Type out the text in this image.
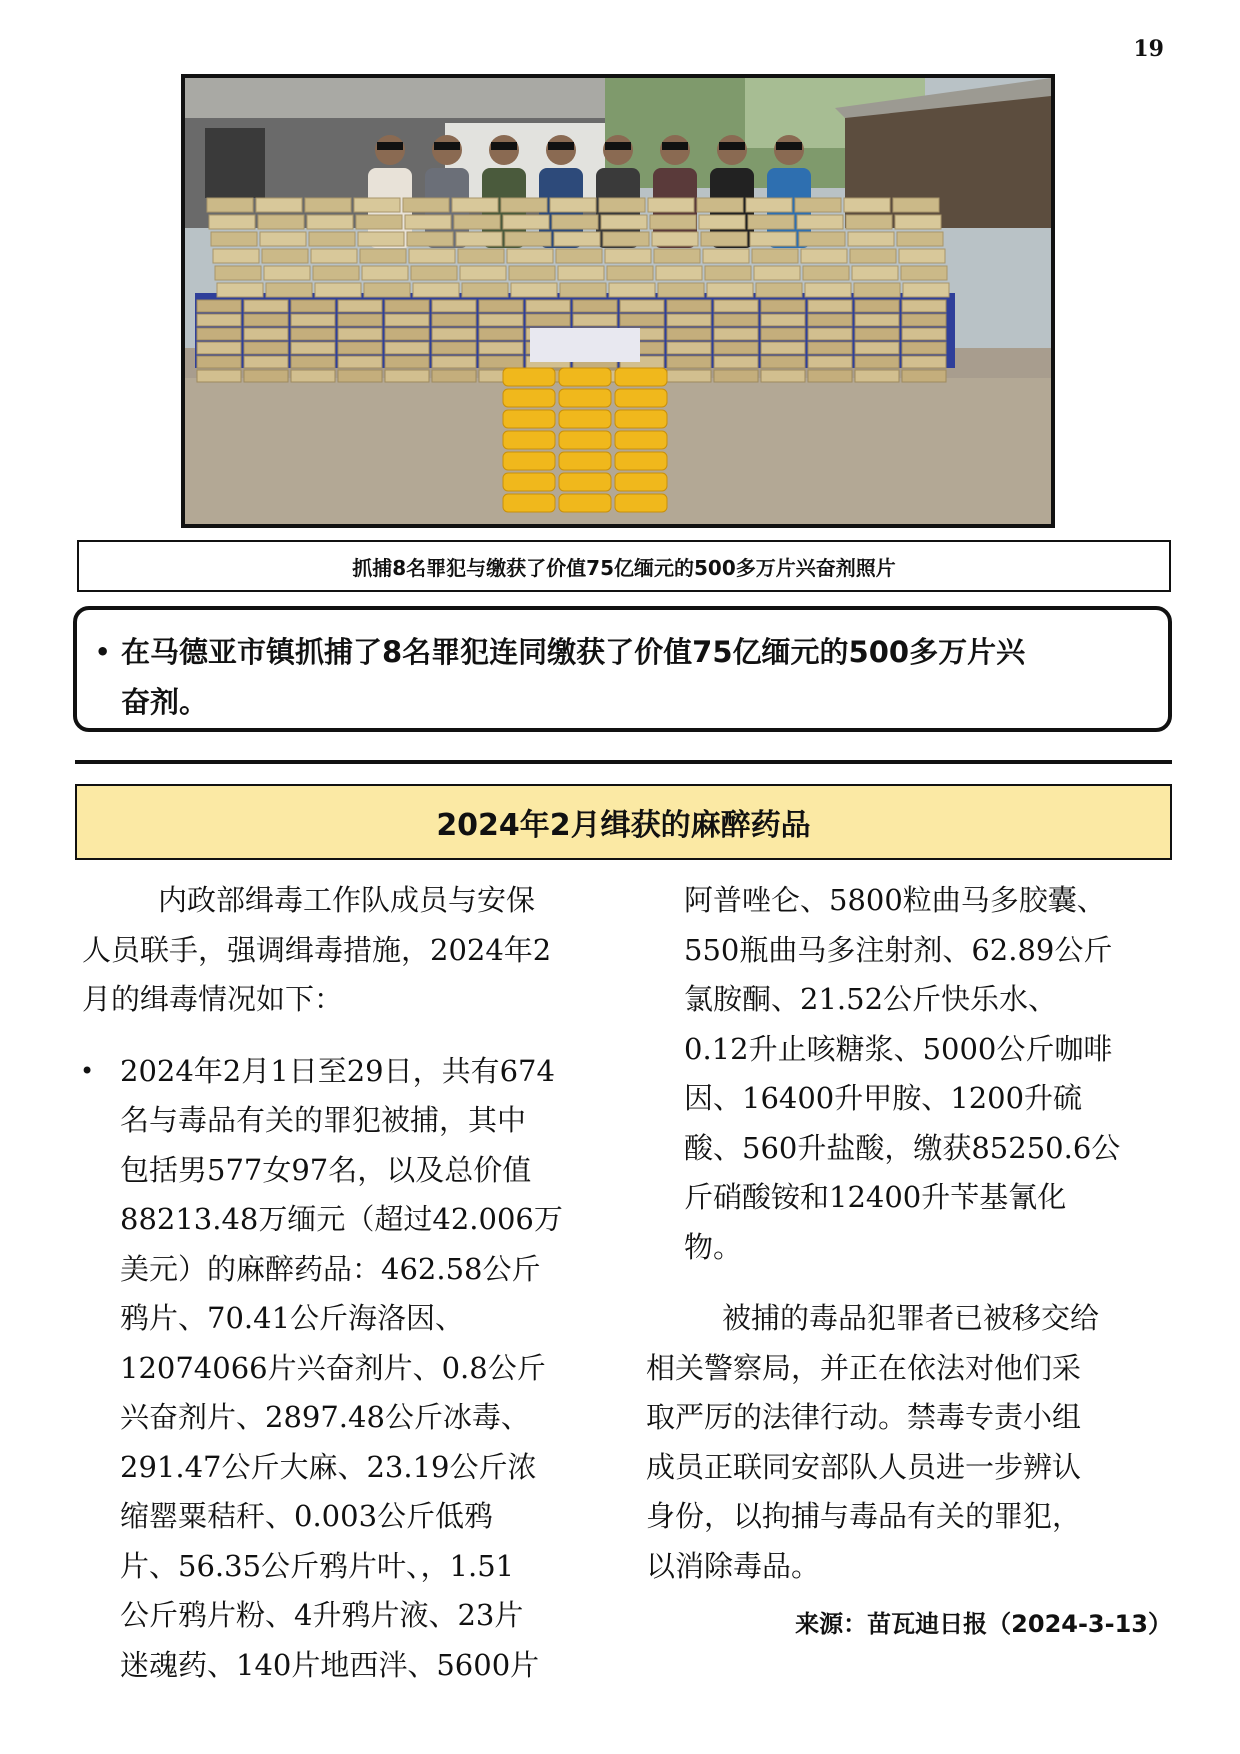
19
抓捕8名罪犯与缴获了价值75亿缅元的500多万片兴奋剂照片
• 在马德亚市镇抓捕了8名罪犯连同缴获了价值75亿缅元的500多万片兴
奋剂。
2024年2月缉获的麻醉药品
内政部缉毒工作队成员与安保
人员联手，强调缉毒措施，2024年2
月的缉毒情况如下：
• 2024年2月1日至29日，共有674
名与毒品有关的罪犯被捕，其中
包括男577女97名，以及总价值
88213.48万缅元（超过42.006万
美元）的麻醉药品：462.58公斤
鸦片、70.41公斤海洛因、
12074066片兴奋剂片、0.8公斤
兴奋剂片、2897.48公斤冰毒、
291.47公斤大麻、23.19公斤浓
缩罂粟秸秆、0.003公斤低鸦
片、56.35公斤鸦片叶、，1.51
公斤鸦片粉、4升鸦片液、23片
迷魂药、140片地西泮、5600片
阿普唑仑、5800粒曲马多胶囊、
550瓶曲马多注射剂、62.89公斤
氯胺酮、21.52公斤快乐水、
0.12升止咳糖浆、5000公斤咖啡
因、16400升甲胺、1200升硫
酸、560升盐酸，缴获85250.6公
斤硝酸铵和12400升苄基氰化
物。
被捕的毒品犯罪者已被移交给
相关警察局，并正在依法对他们采
取严厉的法律行动。禁毒专责小组
成员正联同安部队人员进一步辨认
身份，以拘捕与毒品有关的罪犯，
以消除毒品。
来源：苗瓦迪日报（2024-3-13）
